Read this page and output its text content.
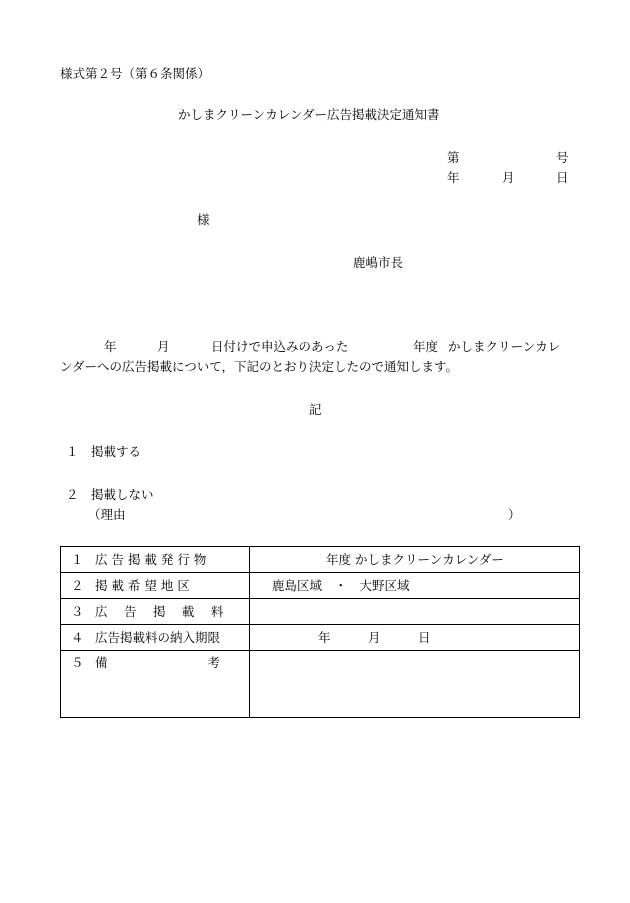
様式第２号（第６条関係）
かしまクリーンカレンダー広告掲載決定通知書
第	号
年	月	日
様
鹿嶋市長
年	月	日付けで申込みのあった	年度 かしまクリーンカレ
ンダーへの広告掲載について，下記のとおり決定したので通知します。
記
１ 掲載する
２ 掲載しない
（理由	）
１ 広 告 掲 載 発 行 物	年度 かしまクリーンカレンダー
２ 掲 載 希 望 地 区	鹿島区域　・　大野区域
３ 広　 告　 掲　 載　 料	
４ 広告掲載料の納入期限	年　　　月　　　日
５ 備　　　　　　　　考	
